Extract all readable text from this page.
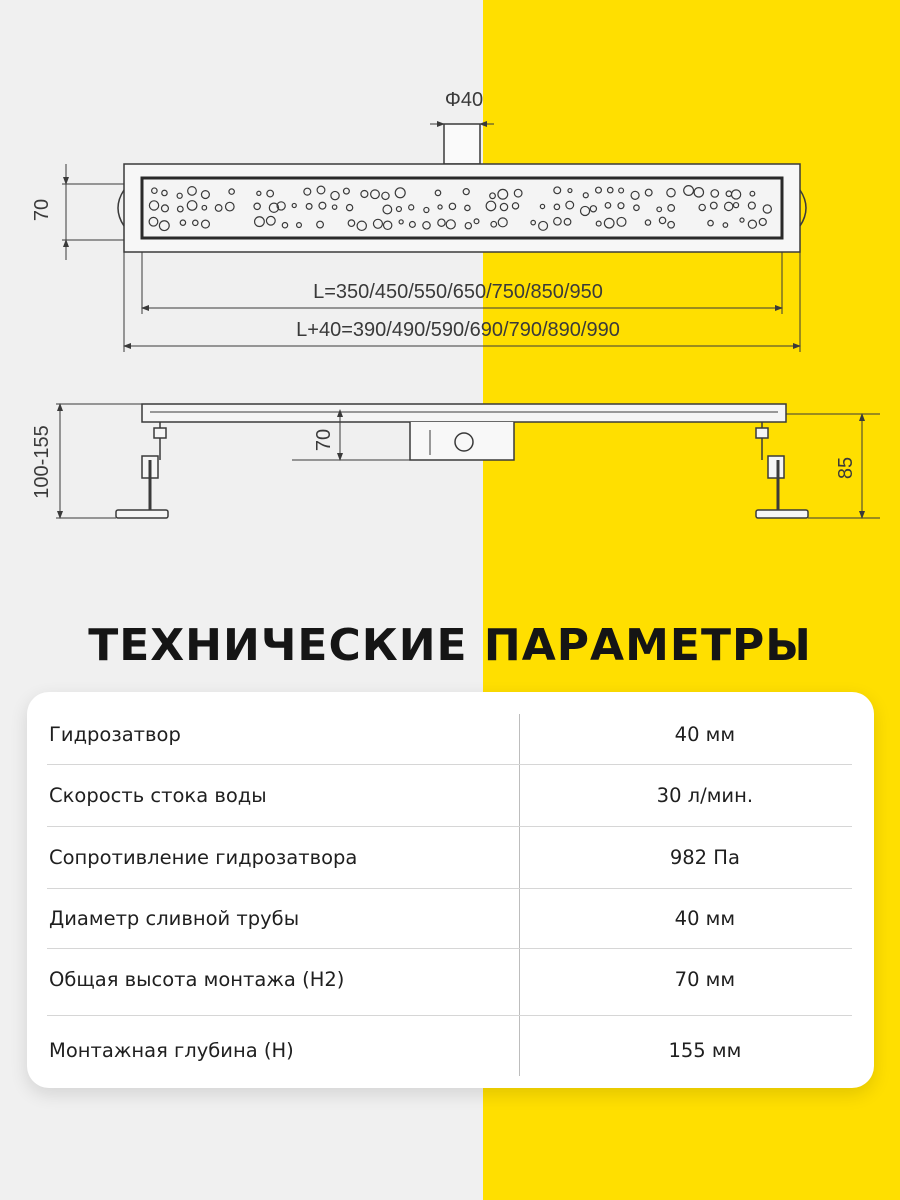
Φ40
70
L=350/450/550/650/750/850/950
L+40=390/490/590/690/790/890/990
100-155	70
85
ТЕХНИЧЕСКИЕ ПАРАМЕТРЫ
Гидрозатвор	40 мм
Скорость стока воды	30 л/мин.
Сопротивление гидрозатвора	982 Па
Диаметр сливной трубы	40 мм
Общая высота монтажа (H2)	70 мм
Монтажная глубина (H)	155 мм
